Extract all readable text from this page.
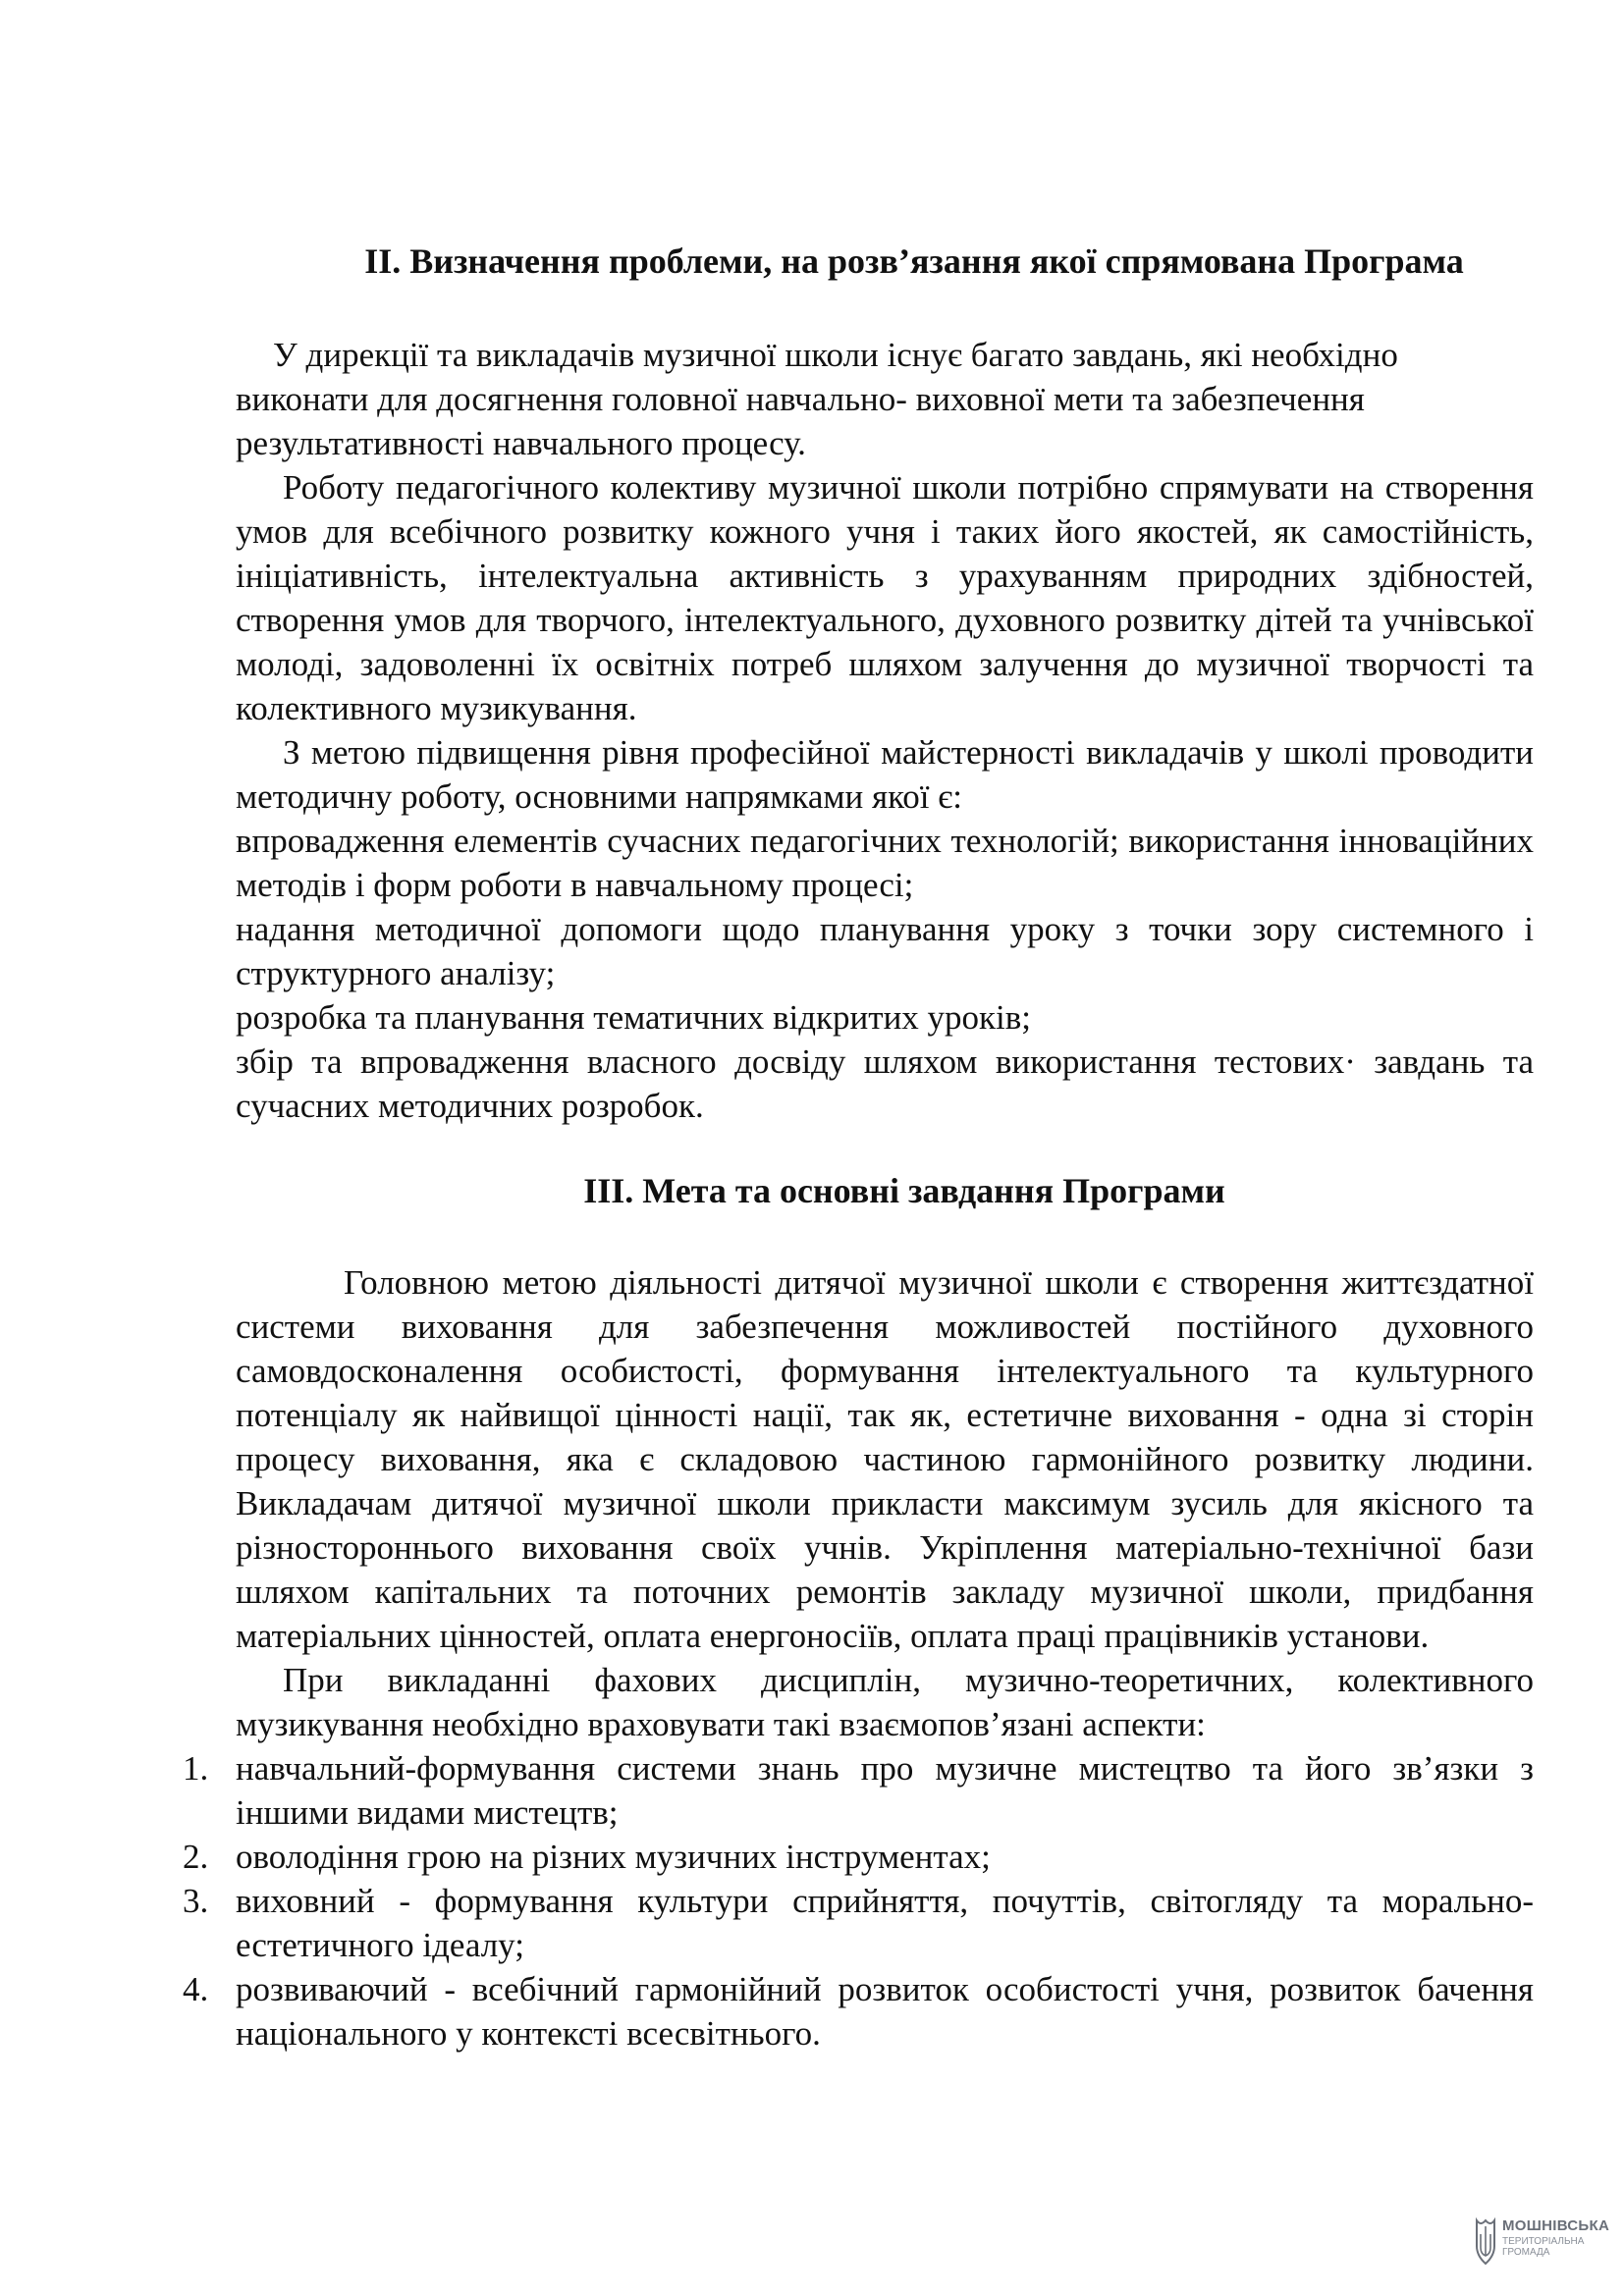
ІІ. Визначення проблеми, на розв’язання якої спрямована Програма

У дирекції та викладачів музичної школи існує багато завдань, які необхідно виконати для досягнення головної навчально- виховної мети та забезпечення результативності навчального процесу.

Роботу педагогічного колективу музичної школи потрібно спрямувати на створення умов для всебічного розвитку кожного учня і таких його якостей, як самостійність, ініціативність, інтелектуальна активність з урахуванням природних здібностей, створення умов для творчого, інтелектуального, духовного розвитку дітей та учнівської молоді, задоволенні їх освітніх потреб шляхом залучення до музичної творчості та колективного музикування.

З метою підвищення рівня професійної майстерності викладачів у школі проводити методичну роботу, основними напрямками якої є:

впровадження елементів сучасних педагогічних технологій; використання інноваційних методів і форм роботи в навчальному процесі;

надання методичної допомоги щодо планування уроку з точки зору системного і структурного аналізу;

розробка та планування тематичних відкритих уроків;

збір та впровадження власного досвіду шляхом використання тестових· завдань та сучасних методичних розробок.

ІІІ. Мета та основні завдання Програми

Головною метою діяльності дитячої музичної школи є створення життєздатної системи виховання для забезпечення можливостей постійного духовного самовдосконалення особистості, формування інтелектуального та культурного потенціалу як найвищої цінності нації, так як, естетичне виховання - одна зі сторін процесу виховання, яка є складовою частиною гармонійного розвитку людини. Викладачам дитячої музичної школи прикласти максимум зусиль для якісного та різностороннього виховання своїх учнів. Укріплення матеріально-технічної бази шляхом капітальних та поточних ремонтів закладу музичної школи, придбання матеріальних цінностей, оплата енергоносіїв, оплата праці працівників установи.

При викладанні фахових дисциплін, музично-теоретичних, колективного музикування необхідно враховувати такі взаємопов’язані аспекти:

1. навчальний-формування системи знань про музичне мистецтво та його зв’язки з іншими видами мистецтв;
2. оволодіння грою на різних музичних інструментах;
3. виховний - формування культури сприйняття, почуттів, світогляду та морально-естетичного ідеалу;
4. розвиваючий - всебічний гармонійний розвиток особистості учня, розвиток бачення національного у контексті всесвітнього.
МОШНІВСЬКА
ТЕРИТОРІАЛЬНА
ГРОМАДА
